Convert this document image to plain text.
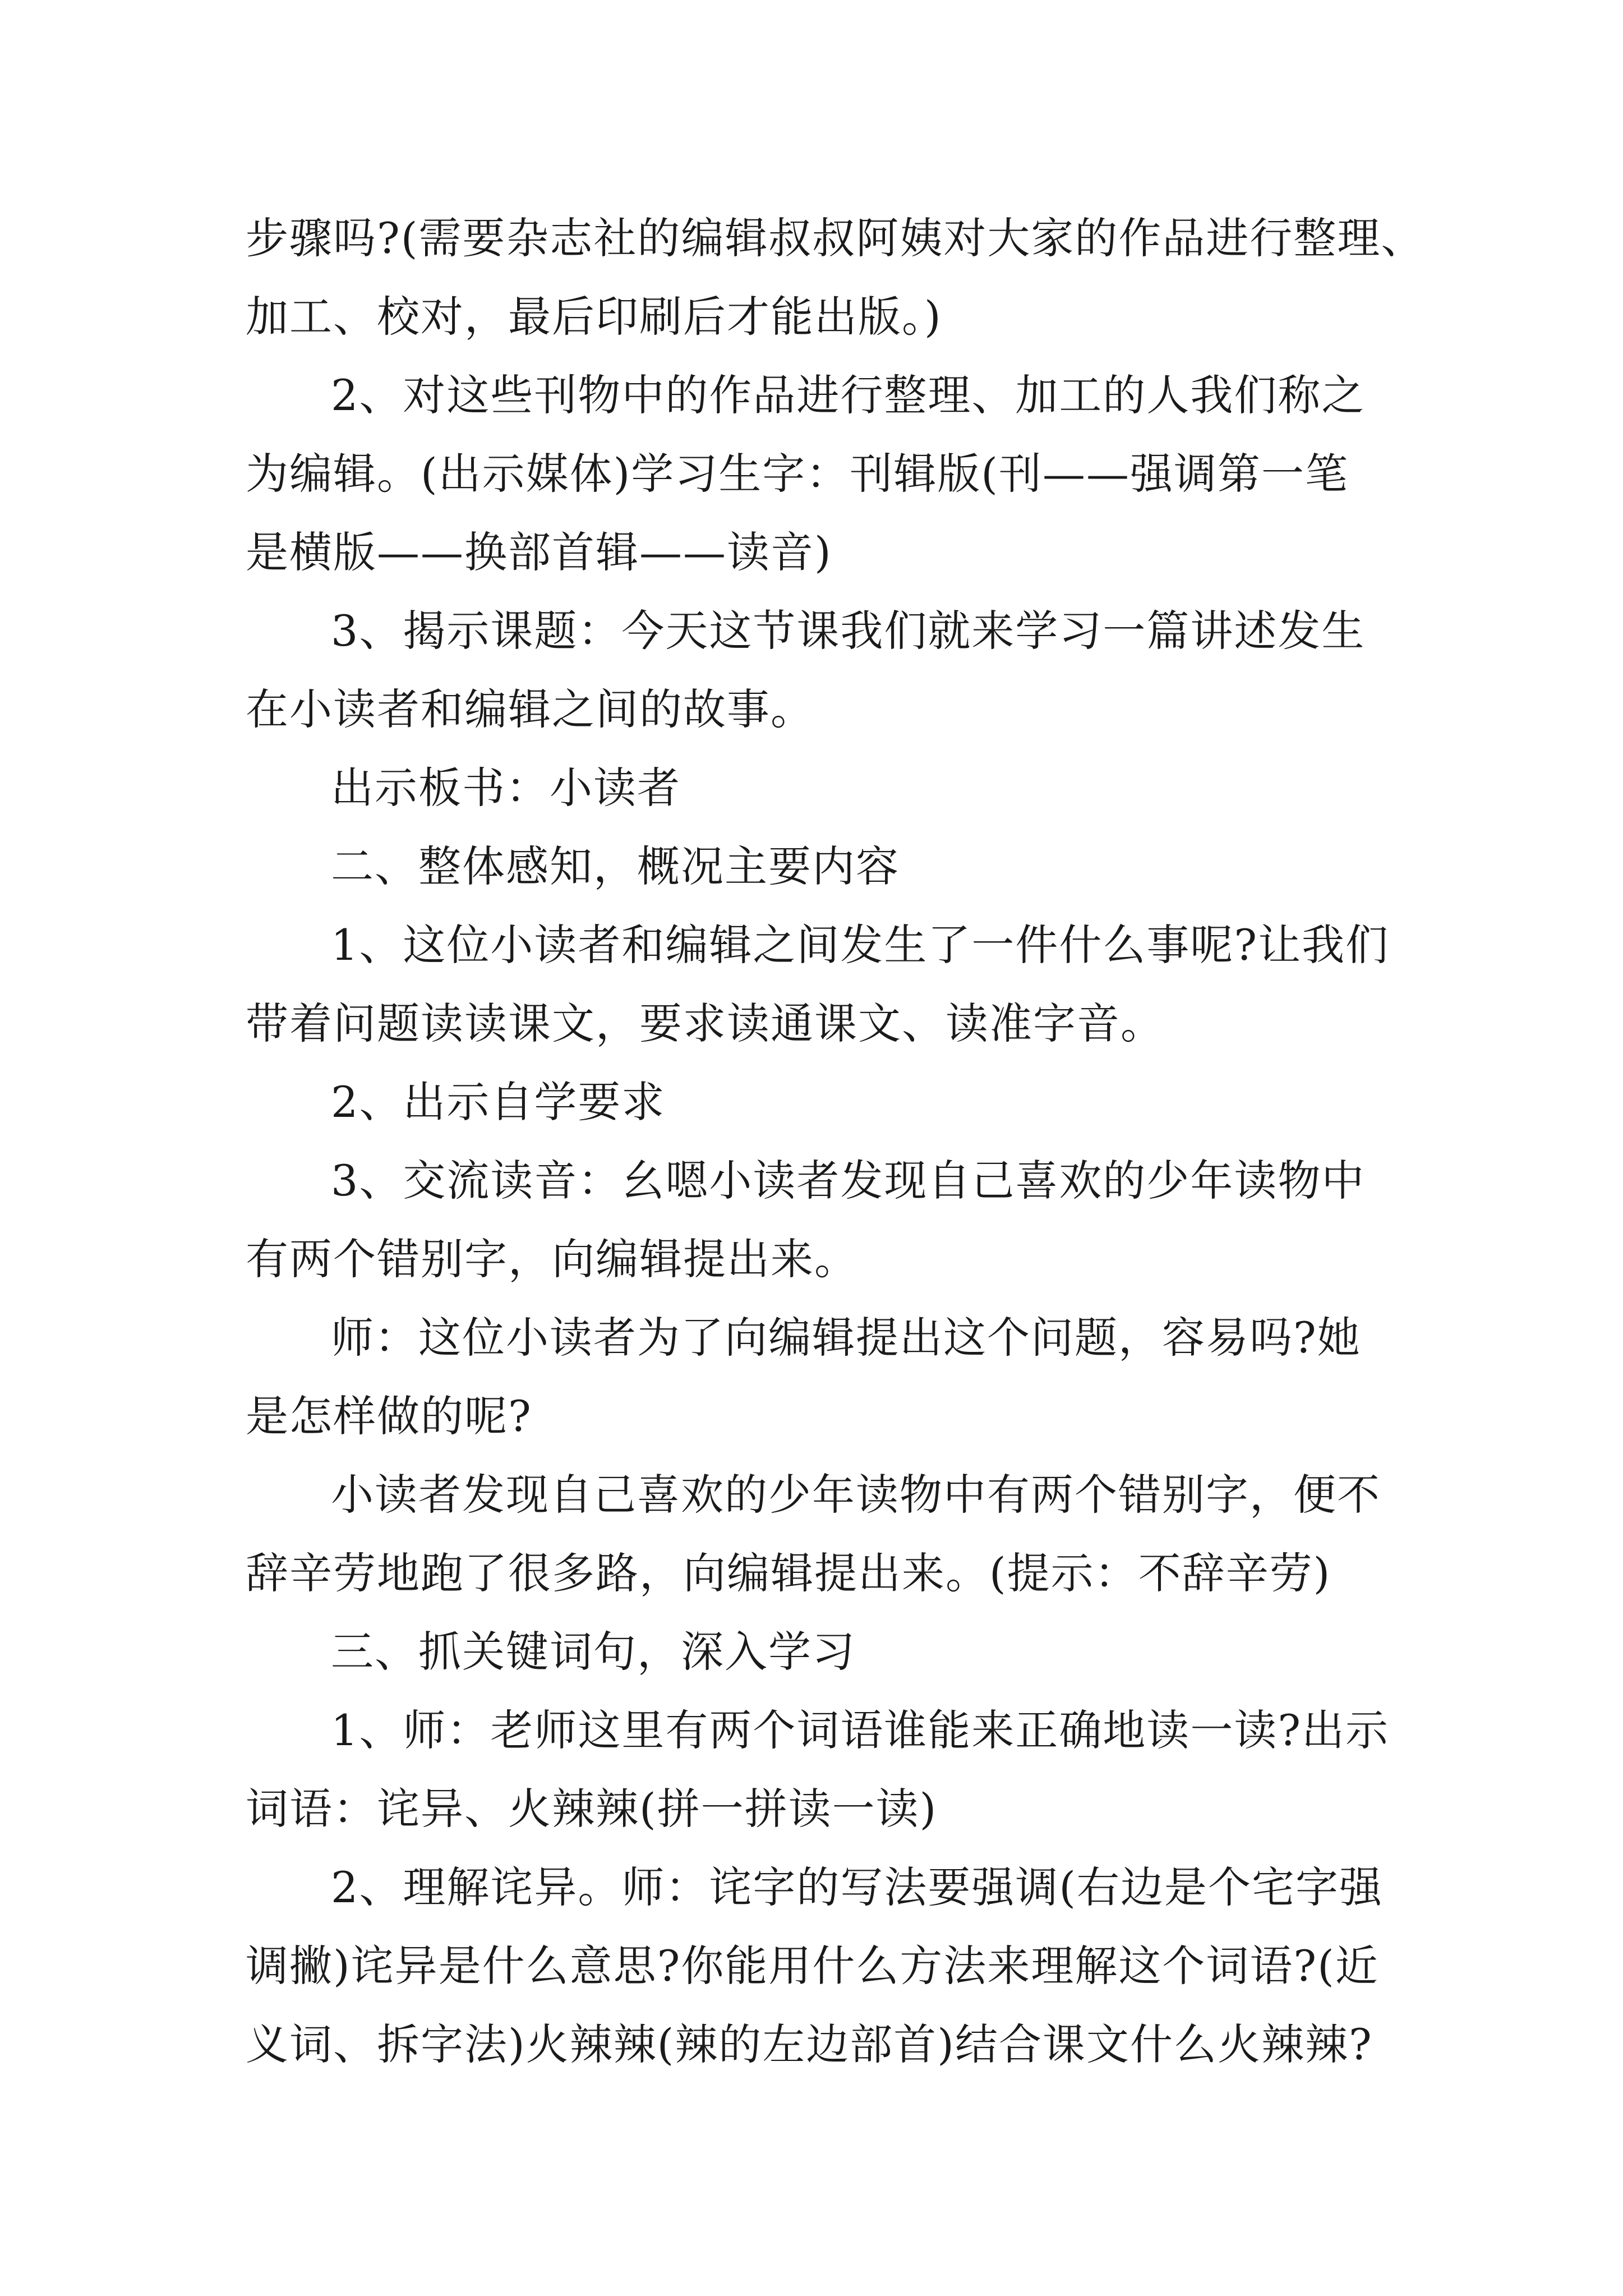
步骤吗?(需要杂志社的编辑叔叔阿姨对大家的作品进行整理、
加工、校对，最后印刷后才能出版。)
2、对这些刊物中的作品进行整理、加工的人我们称之
为编辑。(出示媒体)学习生字：刊辑版(刊——强调第一笔
是横版——换部首辑——读音)
3、揭示课题：今天这节课我们就来学习一篇讲述发生
在小读者和编辑之间的故事。
出示板书：小读者
二、整体感知，概况主要内容
1、这位小读者和编辑之间发生了一件什么事呢?让我们
带着问题读读课文，要求读通课文、读准字音。
2、出示自学要求
3、交流读音：幺嗯小读者发现自己喜欢的少年读物中
有两个错别字，向编辑提出来。
师：这位小读者为了向编辑提出这个问题，容易吗?她
是怎样做的呢?
小读者发现自己喜欢的少年读物中有两个错别字，便不
辞辛劳地跑了很多路，向编辑提出来。(提示：不辞辛劳)
三、抓关键词句，深入学习
1、师：老师这里有两个词语谁能来正确地读一读?出示
词语：诧异、火辣辣(拼一拼读一读)
2、理解诧异。师：诧字的写法要强调(右边是个宅字强
调撇)诧异是什么意思?你能用什么方法来理解这个词语?(近
义词、拆字法)火辣辣(辣的左边部首)结合课文什么火辣辣?
